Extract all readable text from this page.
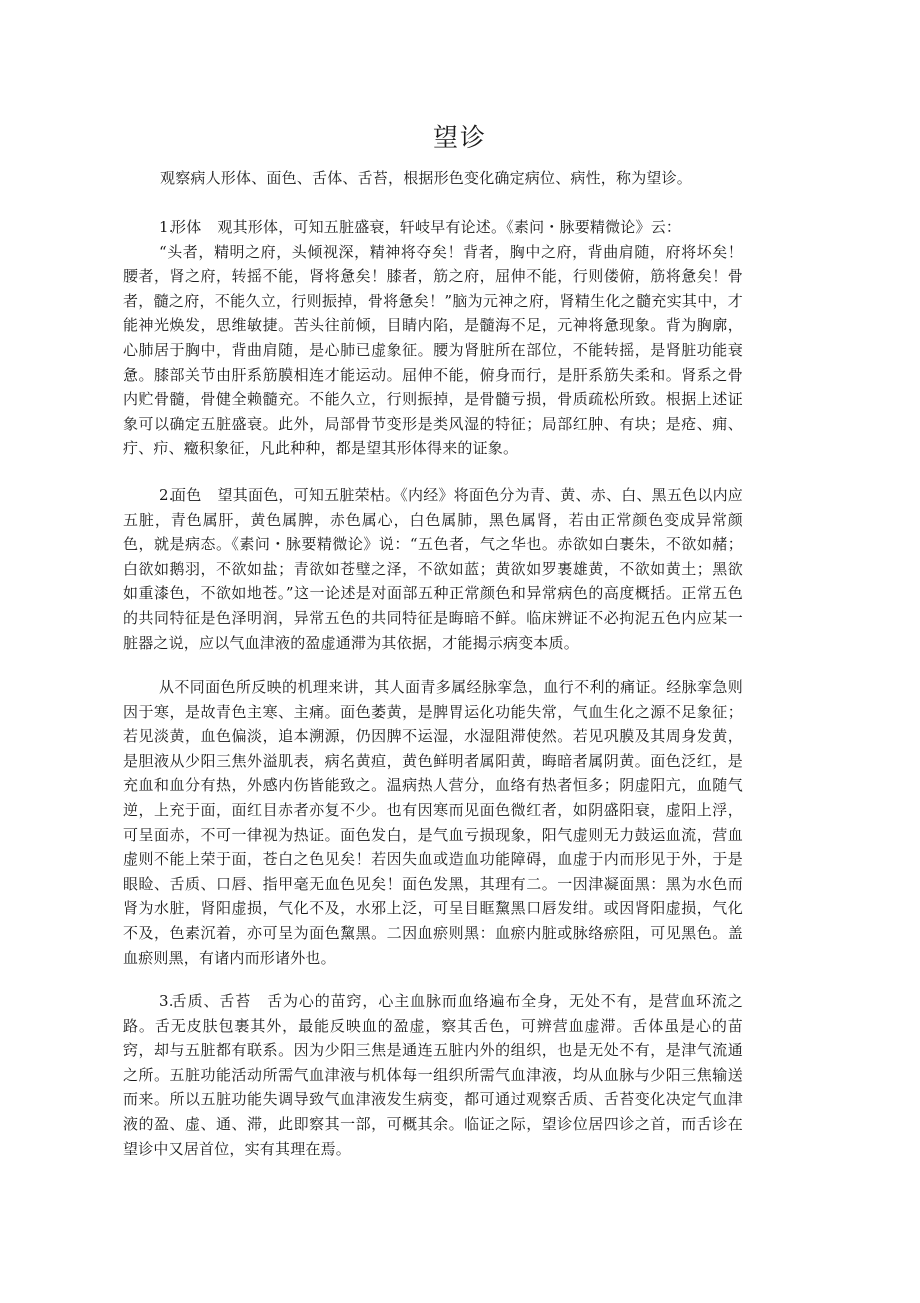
望诊

观察病人形体、面色、舌体、舌苔，根据形色变化确定病位、病性，称为望诊。

1.形体 观其形体，可知五脏盛衰，轩岐早有论述。《素问・脉要精微论》云：
“头者，精明之府，头倾视深，精神将夺矣！背者，胸中之府，背曲肩随，府将坏矣！腰者，肾之府，转摇不能，肾将惫矣！膝者，筋之府，屈伸不能，行则偻俯，筋将惫矣！骨者，髓之府，不能久立，行则振掉，骨将惫矣！”脑为元神之府，肾精生化之髓充实其中，才能神光焕发，思维敏捷。苦头往前倾，目睛内陷，是髓海不足，元神将惫现象。背为胸廓，心肺居于胸中，背曲肩随，是心肺已虚象征。腰为肾脏所在部位，不能转摇，是肾脏功能衰惫。膝部关节由肝系筋膜相连才能运动。屈伸不能，俯身而行，是肝系筋失柔和。肾系之骨内贮骨髓，骨健全赖髓充。不能久立，行则振掉，是骨髓亏损，骨质疏松所致。根据上述证象可以确定五脏盛衰。此外，局部骨节变形是类风湿的特征；局部红肿、有块；是疮、痈、疔、疖、癥积象征，凡此种种，都是望其形体得来的证象。
2.面色 望其面色，可知五脏荣枯。《内经》将面色分为青、黄、赤、白、黑五色以内应五脏，青色属肝，黄色属脾，赤色属心，白色属肺，黑色属肾，若由正常颜色变成异常颜色，就是病态。《素问・脉要精微论》说：“五色者，气之华也。赤欲如白裹朱，不欲如赭；白欲如鹅羽，不欲如盐；青欲如苍璧之泽，不欲如蓝；黄欲如罗裹雄黄，不欲如黄土；黑欲如重漆色，不欲如地苍。”这一论述是对面部五种正常颜色和异常病色的高度概括。正常五色的共同特征是色泽明润，异常五色的共同特征是晦暗不鲜。临床辨证不必拘泥五色内应某一脏器之说，应以气血津液的盈虚通滞为其依据，才能揭示病变本质。

从不同面色所反映的机理来讲，其人面青多属经脉挛急，血行不利的痛证。经脉挛急则因于寒，是故青色主寒、主痛。面色萎黄，是脾胃运化功能失常，气血生化之源不足象征；若见淡黄，血色偏淡，追本溯源，仍因脾不运湿，水湿阻滞使然。若见巩膜及其周身发黄，是胆液从少阳三焦外溢肌表，病名黄疸，黄色鲜明者属阳黄，晦暗者属阴黄。面色泛红，是充血和血分有热，外感内伤皆能致之。温病热人营分，血络有热者恒多；阴虚阳亢，血随气逆，上充于面，面红目赤者亦复不少。也有因寒而见面色微红者，如阴盛阳衰，虚阳上浮，可呈面赤，不可一律视为热证。面色发白，是气血亏损现象，阳气虚则无力鼓运血流，营血虚则不能上荣于面，苍白之色见矣！若因失血或造血功能障碍，血虚于内而形见于外，于是眼睑、舌质、口唇、指甲毫无血色见矣！面色发黑，其理有二。一因津凝面黑：黑为水色而肾为水脏，肾阳虚损，气化不及，水邪上泛，可呈目眶黧黑口唇发绀。或因肾阳虚损，气化不及，色素沉着，亦可呈为面色黧黑。二因血瘀则黑：血瘀内脏或脉络瘀阻，可见黑色。盖血瘀则黑，有诸内而形诸外也。

3.舌质、舌苔 舌为心的苗窍，心主血脉而血络遍布全身，无处不有，是营血环流之路。舌无皮肤包裹其外，最能反映血的盈虚，察其舌色，可辨营血虚滞。舌体虽是心的苗窍，却与五脏都有联系。因为少阳三焦是通连五脏内外的组织，也是无处不有，是津气流通之所。五脏功能活动所需气血津液与机体每一组织所需气血津液，均从血脉与少阳三焦输送而来。所以五脏功能失调导致气血津液发生病变，都可通过观察舌质、舌苔变化决定气血津液的盈、虚、通、滞，此即察其一部，可概其余。临证之际，望诊位居四诊之首，而舌诊在望诊中又居首位，实有其理在焉。
